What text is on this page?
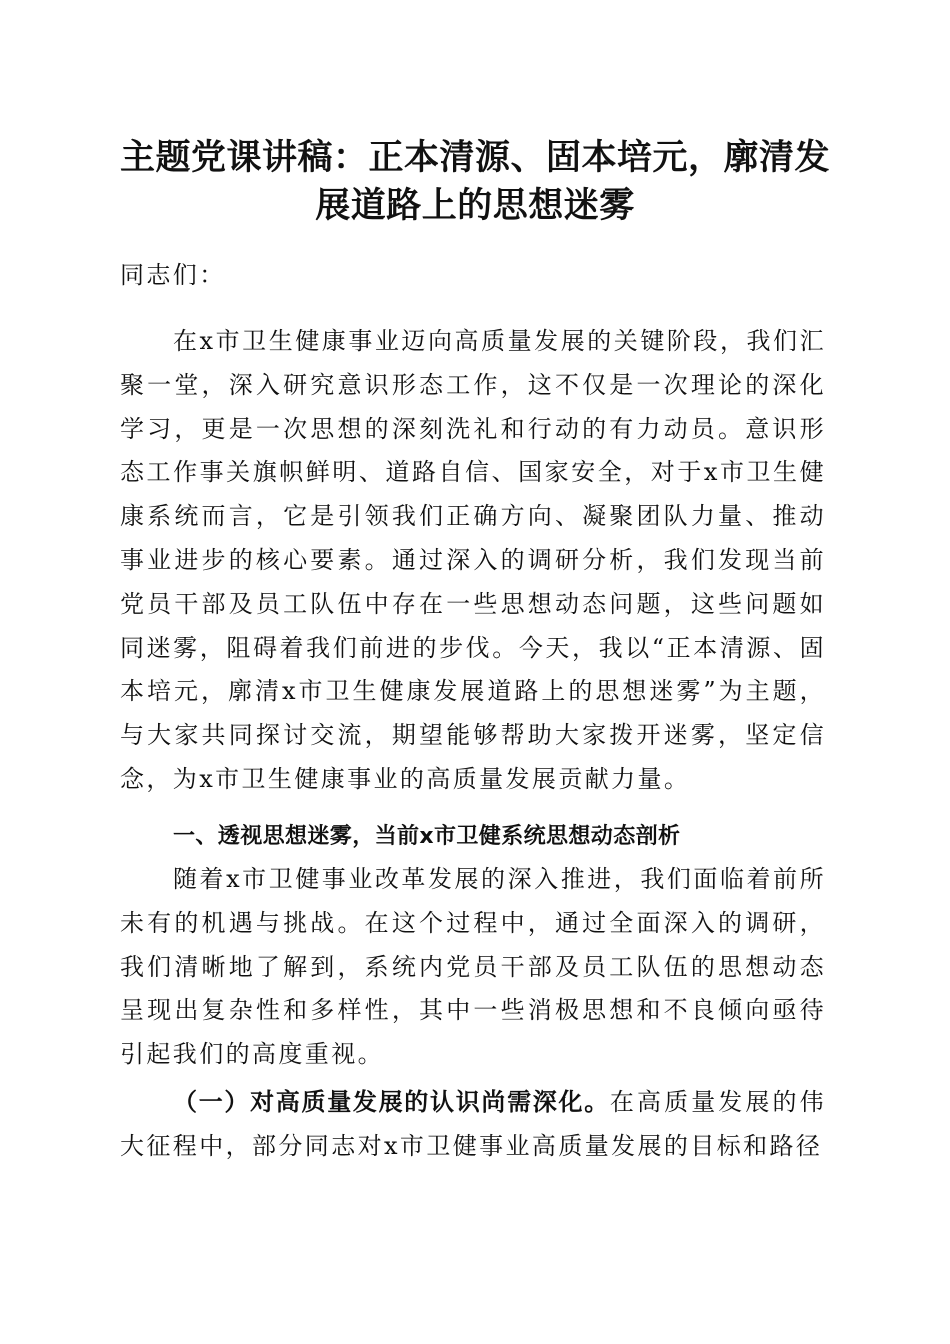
主题党课讲稿：正本清源、固本培元，廓清发
展道路上的思想迷雾

同志们：

在x市卫生健康事业迈向高质量发展的关键阶段，我们汇聚一堂，深入研究意识形态工作，这不仅是一次理论的深化学习，更是一次思想的深刻洗礼和行动的有力动员。意识形态工作事关旗帜鲜明、道路自信、国家安全，对于x市卫生健康系统而言，它是引领我们正确方向、凝聚团队力量、推动事业进步的核心要素。通过深入的调研分析，我们发现当前党员干部及员工队伍中存在一些思想动态问题，这些问题如同迷雾，阻碍着我们前进的步伐。今天，我以“正本清源、固本培元，廓清x市卫生健康发展道路上的思想迷雾”为主题，与大家共同探讨交流，期望能够帮助大家拨开迷雾，坚定信念，为x市卫生健康事业的高质量发展贡献力量。

一、透视思想迷雾，当前x市卫健系统思想动态剖析

随着x市卫健事业改革发展的深入推进，我们面临着前所未有的机遇与挑战。在这个过程中，通过全面深入的调研，我们清晰地了解到，系统内党员干部及员工队伍的思想动态呈现出复杂性和多样性，其中一些消极思想和不良倾向亟待引起我们的高度重视。

（一）对高质量发展的认识尚需深化。在高质量发展的伟大征程中，部分同志对x市卫健事业高质量发展的目标和路径
